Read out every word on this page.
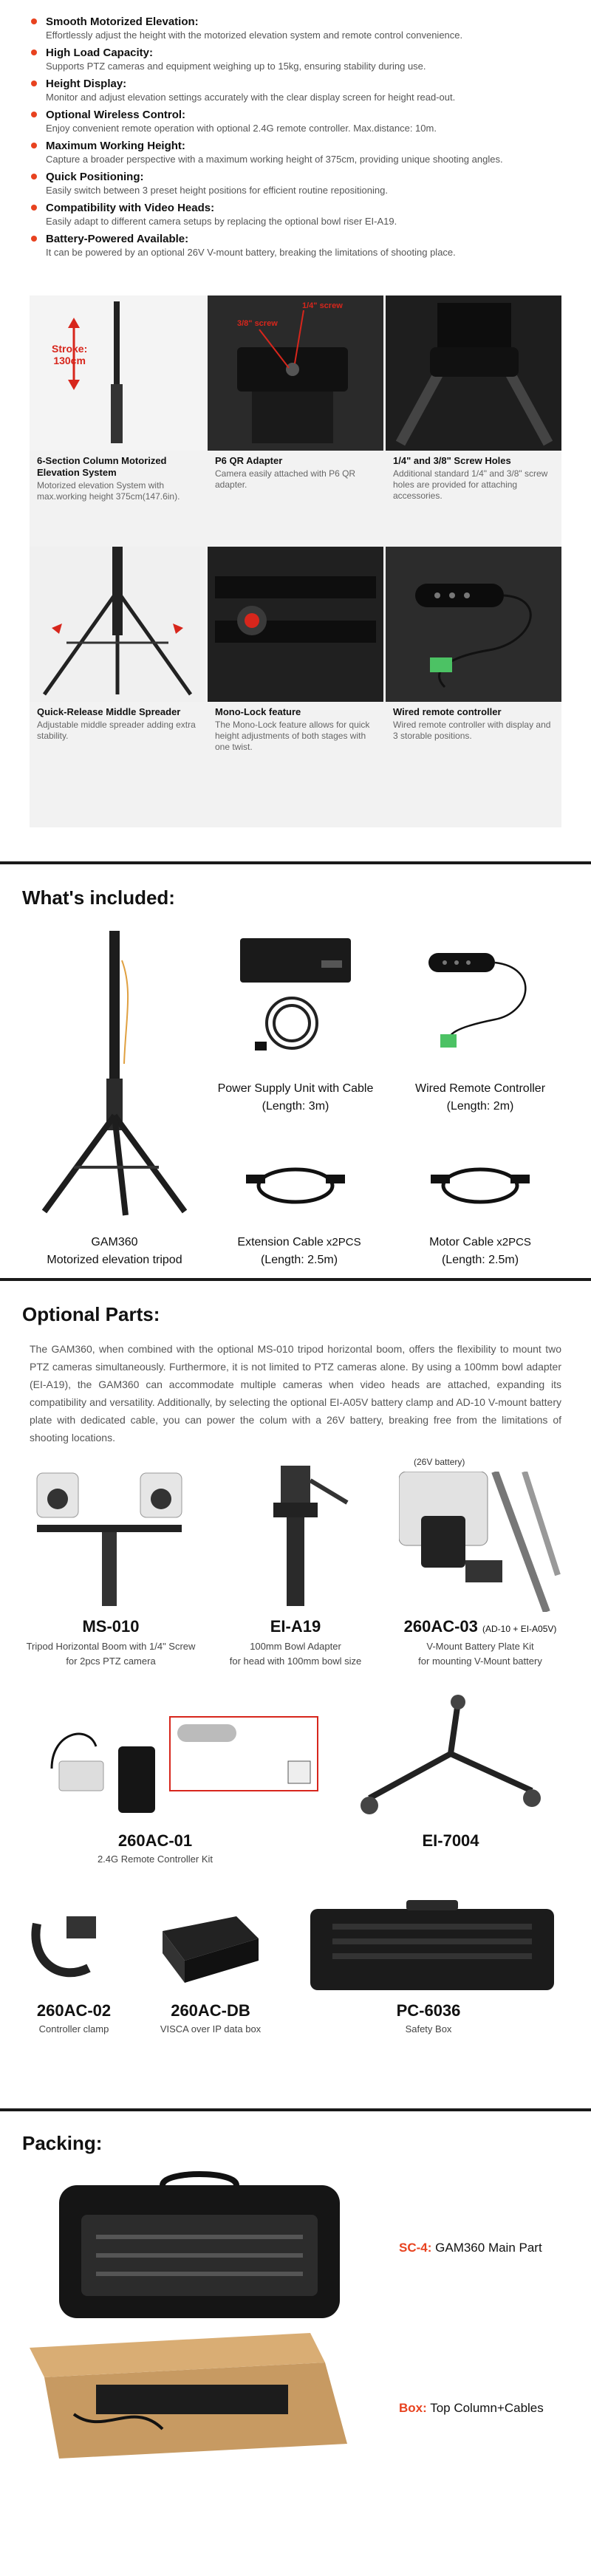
Smooth Motorized Elevation:
Effortlessly adjust the height with the motorized elevation system and remote control convenience.
High Load Capacity:
Supports PTZ cameras and equipment weighing up to 15kg, ensuring stability during use.
Height Display:
Monitor and adjust elevation settings accurately with the clear display screen for height read-out.
Optional Wireless Control:
Enjoy convenient remote operation with optional 2.4G remote controller. Max.distance: 10m.
Maximum Working Height:
Capture a broader perspective with a maximum working height of 375cm, providing unique shooting angles.
Quick Positioning:
Easily switch between 3 preset height positions for efficient routine repositioning.
Compatibility with Video Heads:
Easily adapt to different camera setups by replacing the optional bowl riser EI-A19.
Battery-Powered Available:
It can be powered by an optional 26V V-mount battery, breaking the limitations of shooting place.
Stroke:
130cm
6-Section Column Motorized Elevation System
Motorized elevation System with max.working height 375cm(147.6in).
1/4" screw
3/8" screw
P6 QR Adapter
Camera easily attached with P6 QR adapter.
1/4" and 3/8" Screw Holes
Additional standard 1/4" and 3/8" screw holes are provided for attaching accessories.
Quick-Release Middle Spreader
Adjustable middle spreader adding extra stability.
Mono-Lock feature
The Mono-Lock feature allows for quick height adjustments of both stages with one twist.
Wired remote controller
Wired remote controller with display and 3 storable positions.
What's included:
GAM360
Motorized elevation tripod
Power Supply Unit with Cable
(Length: 3m)
Wired Remote Controller
(Length: 2m)
Extension Cable x2PCS
(Length: 2.5m)
Motor Cable x2PCS
(Length: 2.5m)
Optional Parts:
The GAM360, when combined with the optional MS-010 tripod horizontal boom, offers the flexibility to mount two PTZ cameras simultaneously. Furthermore, it is not limited to PTZ cameras alone. By using a 100mm bowl adapter (EI-A19), the GAM360 can accommodate multiple cameras when video heads are attached, expanding its compatibility and versatility. Additionally, by selecting the optional EI-A05V battery clamp and AD-10 V-mount battery plate with dedicated cable, you can power the colum with a 26V battery, breaking free from the limitations of shooting locations.
MS-010
Tripod Horizontal Boom with 1/4" Screw
for 2pcs PTZ camera
EI-A19
100mm Bowl Adapter
for head with 100mm bowl size
(26V battery)
260AC-03 (AD-10 + EI-A05V)
V-Mount Battery Plate Kit
for mounting V-Mount battery
260AC-01
2.4G Remote Controller Kit
EI-7004
260AC-02
Controller clamp
260AC-DB
VISCA over IP data box
PC-6036
Safety Box
Packing:
SC-4: GAM360 Main Part
Box: Top Column+Cables
